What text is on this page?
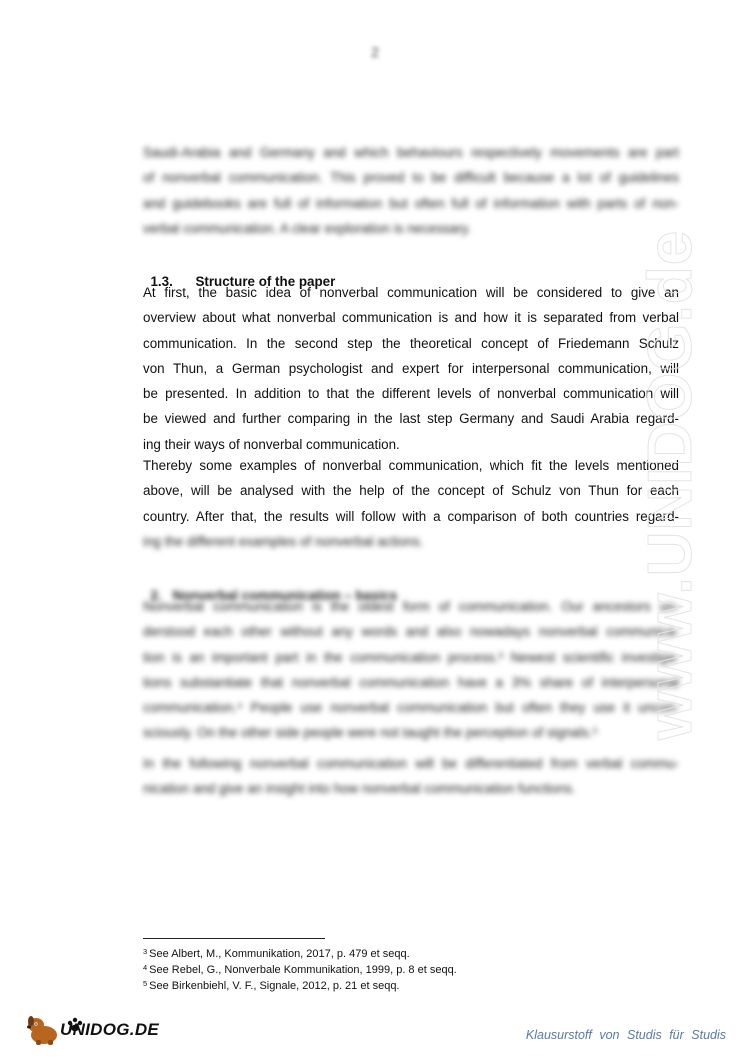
2

Saudi-Arabia and Germany and which behaviours respectively movements are part
of nonverbal communication. This proved to be difficult because a lot of guidelines
and guidebooks are full of information but often full of information with parts of non-
verbal communication. A clear exploration is necessary.

1.3. Structure of the paper

At first, the basic idea of nonverbal communication will be considered to give an
overview about what nonverbal communication is and how it is separated from verbal
communication. In the second step the theoretical concept of Friedemann Schulz
von Thun, a German psychologist and expert for interpersonal communication, will
be presented. In addition to that the different levels of nonverbal communication will
be viewed and further comparing in the last step Germany and Saudi Arabia regard-
ing their ways of nonverbal communication.

Thereby some examples of nonverbal communication, which fit the levels mentioned
above, will be analysed with the help of the concept of Schulz von Thun for each
country. After that, the results will follow with a comparison of both countries regard-

ing the different examples of nonverbal actions.

2. Nonverbal communication – basics

Nonverbal communication is the oldest form of communication. Our ancestors un-
derstood each other without any words and also nowadays nonverbal communica-
tion is an important part in the communication process.³ Newest scientific investiga-
tions substantiate that nonverbal communication have a 3% share of interpersonal
communication.⁴ People use nonverbal communication but often they use it uncon-
sciously. On the other side people were not taught the perception of signals.⁵

In the following nonverbal communication will be differentiated from verbal commu-
nication and give an insight into how nonverbal communication functions.

www.UNIDOG.de
$^3$ See Albert, M., Kommunikation, 2017, p. 479 et seqq.
$^4$ See Rebel, G., Nonverbale Kommunikation, 1999, p. 8 et seqq.
$^5$ See Birkenbiehl, V. F., Signale, 2012, p. 21 et seqq.
UNIDOG.DE	Klausurstoff von Studis für Studis
